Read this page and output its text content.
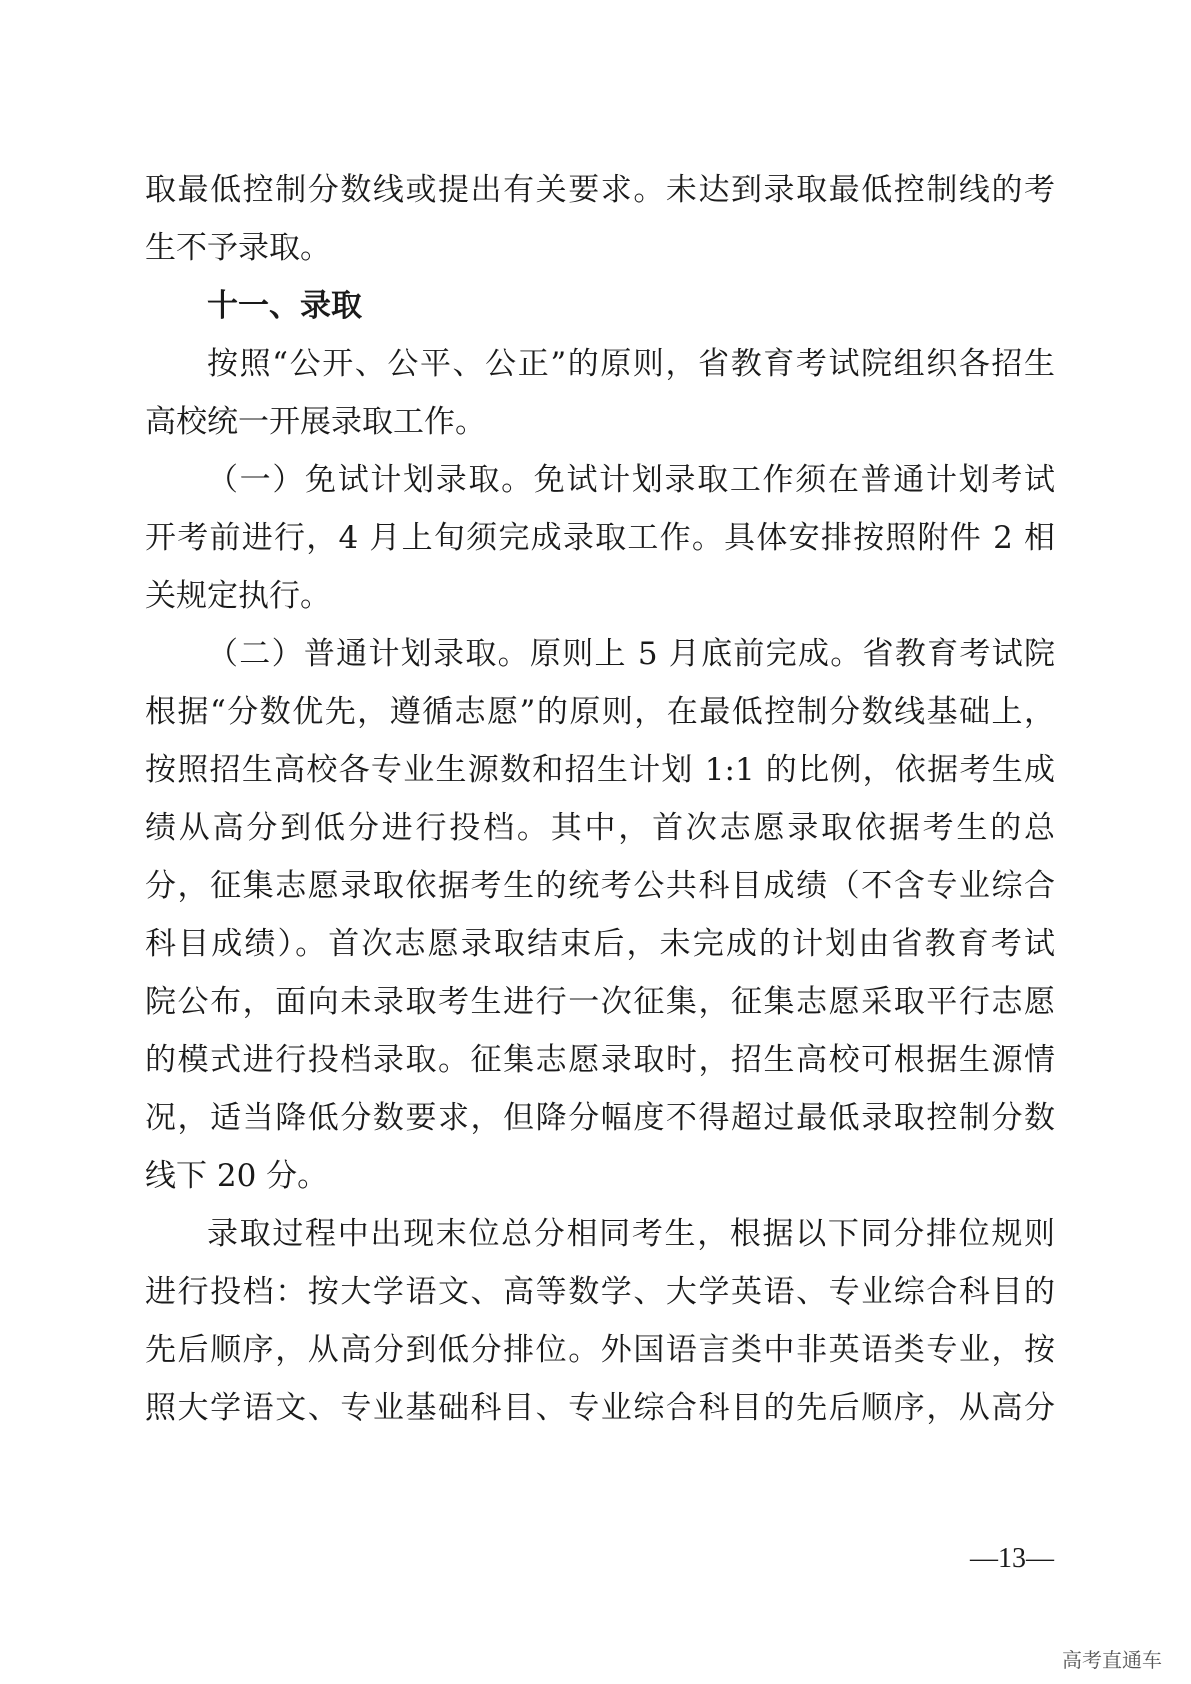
取最低控制分数线或提出有关要求。未达到录取最低控制线的考
生不予录取。
十一、录取
按照“公开、公平、公正”的原则，省教育考试院组织各招生
高校统一开展录取工作。
（一）免试计划录取。免试计划录取工作须在普通计划考试
开考前进行，4 月上旬须完成录取工作。具体安排按照附件 2 相
关规定执行。
（二）普通计划录取。原则上 5 月底前完成。省教育考试院
根据“分数优先，遵循志愿”的原则，在最低控制分数线基础上，
按照招生高校各专业生源数和招生计划 1:1 的比例，依据考生成
绩从高分到低分进行投档。其中，首次志愿录取依据考生的总
分，征集志愿录取依据考生的统考公共科目成绩（不含专业综合
科目成绩）。首次志愿录取结束后，未完成的计划由省教育考试
院公布，面向未录取考生进行一次征集，征集志愿采取平行志愿
的模式进行投档录取。征集志愿录取时，招生高校可根据生源情
况，适当降低分数要求，但降分幅度不得超过最低录取控制分数
线下 20 分。
录取过程中出现末位总分相同考生，根据以下同分排位规则
进行投档：按大学语文、高等数学、大学英语、专业综合科目的
先后顺序，从高分到低分排位。外国语言类中非英语类专业，按
照大学语文、专业基础科目、专业综合科目的先后顺序，从高分
—13—
高考直通车
